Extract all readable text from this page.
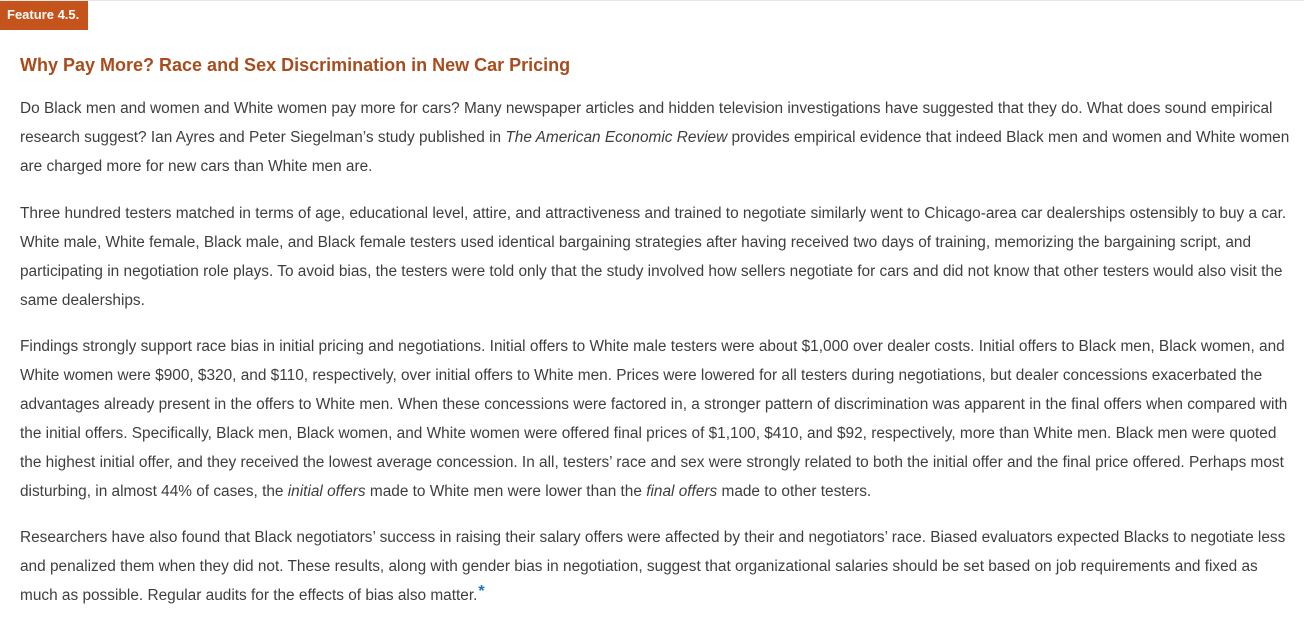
Feature 4.5.
Why Pay More? Race and Sex Discrimination in New Car Pricing

Do Black men and women and White women pay more for cars? Many newspaper articles and hidden television investigations have suggested that they do. What does sound empirical research suggest? Ian Ayres and Peter Siegelman’s study published in The American Economic Review provides empirical evidence that indeed Black men and women and White women are charged more for new cars than White men are.

Three hundred testers matched in terms of age, educational level, attire, and attractiveness and trained to negotiate similarly went to Chicago-area car dealerships ostensibly to buy a car. White male, White female, Black male, and Black female testers used identical bargaining strategies after having received two days of training, memorizing the bargaining script, and participating in negotiation role plays. To avoid bias, the testers were told only that the study involved how sellers negotiate for cars and did not know that other testers would also visit the same dealerships.

Findings strongly support race bias in initial pricing and negotiations. Initial offers to White male testers were about $1,000 over dealer costs. Initial offers to Black men, Black women, and White women were $900, $320, and $110, respectively, over initial offers to White men. Prices were lowered for all testers during negotiations, but dealer concessions exacerbated the advantages already present in the offers to White men. When these concessions were factored in, a stronger pattern of discrimination was apparent in the final offers when compared with the initial offers. Specifically, Black men, Black women, and White women were offered final prices of $1,100, $410, and $92, respectively, more than White men. Black men were quoted the highest initial offer, and they received the lowest average concession. In all, testers’ race and sex were strongly related to both the initial offer and the final price offered. Perhaps most disturbing, in almost 44% of cases, the initial offers made to White men were lower than the final offers made to other testers.

Researchers have also found that Black negotiators’ success in raising their salary offers were affected by their and negotiators’ race. Biased evaluators expected Blacks to negotiate less and penalized them when they did not. These results, along with gender bias in negotiation, suggest that organizational salaries should be set based on job requirements and fixed as much as possible. Regular audits for the effects of bias also matter.*
